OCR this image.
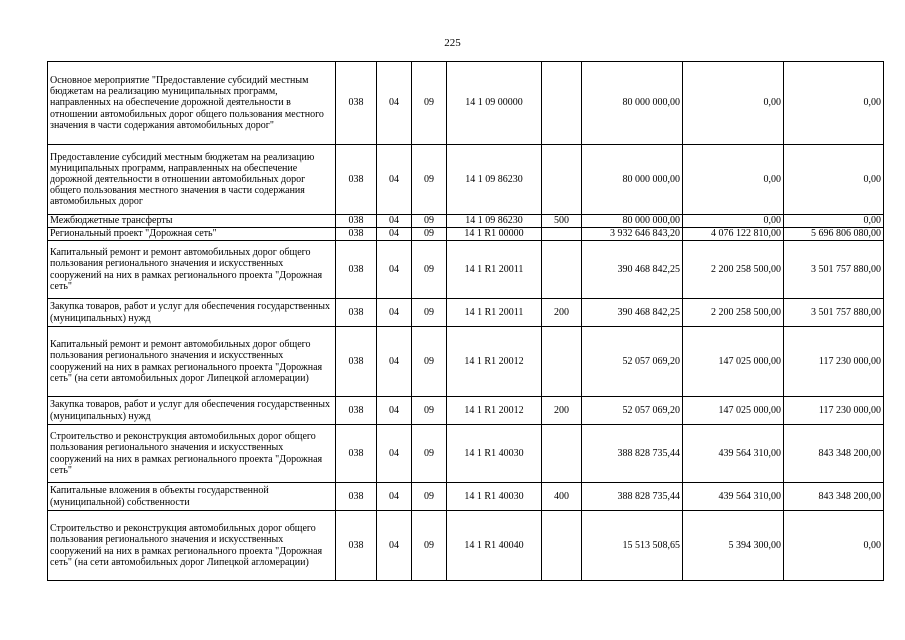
225
Основное мероприятие "Предоставление субсидий местным бюджетам на реализацию муниципальных программ, направленных на обеспечение дорожной деятельности в отношении автомобильных дорог общего пользования местного значения в части содержания автомобильных дорог"	038	04	09	14 1 09 00000		80 000 000,00	0,00	0,00
Предоставление субсидий местным бюджетам на реализацию муниципальных программ, направленных на обеспечение дорожной деятельности в отношении автомобильных дорог общего пользования местного значения в части содержания автомобильных дорог	038	04	09	14 1 09 86230		80 000 000,00	0,00	0,00
Межбюджетные трансферты	038	04	09	14 1 09 86230	500	80 000 000,00	0,00	0,00
Региональный проект "Дорожная сеть"	038	04	09	14 1 R1 00000		3 932 646 843,20	4 076 122 810,00	5 696 806 080,00
Капитальный ремонт и ремонт автомобильных дорог общего пользования регионального значения и искусственных сооружений на них в рамках регионального проекта "Дорожная сеть"	038	04	09	14 1 R1 20011		390 468 842,25	2 200 258 500,00	3 501 757 880,00
Закупка товаров, работ и услуг для обеспечения государственных (муниципальных) нужд	038	04	09	14 1 R1 20011	200	390 468 842,25	2 200 258 500,00	3 501 757 880,00
Капитальный ремонт и ремонт автомобильных дорог общего пользования регионального значения и искусственных сооружений на них в рамках регионального проекта "Дорожная сеть" (на сети автомобильных дорог Липецкой агломерации)	038	04	09	14 1 R1 20012		52 057 069,20	147 025 000,00	117 230 000,00
Закупка товаров, работ и услуг для обеспечения государственных (муниципальных) нужд	038	04	09	14 1 R1 20012	200	52 057 069,20	147 025 000,00	117 230 000,00
Строительство и реконструкция автомобильных дорог общего пользования регионального значения и искусственных сооружений на них в рамках регионального проекта "Дорожная сеть"	038	04	09	14 1 R1 40030		388 828 735,44	439 564 310,00	843 348 200,00
Капитальные вложения в объекты государственной (муниципальной) собственности	038	04	09	14 1 R1 40030	400	388 828 735,44	439 564 310,00	843 348 200,00
Строительство и реконструкция автомобильных дорог общего пользования регионального значения и искусственных сооружений на них в рамках регионального проекта "Дорожная сеть" (на сети автомобильных дорог Липецкой агломерации)	038	04	09	14 1 R1 40040		15 513 508,65	5 394 300,00	0,00
